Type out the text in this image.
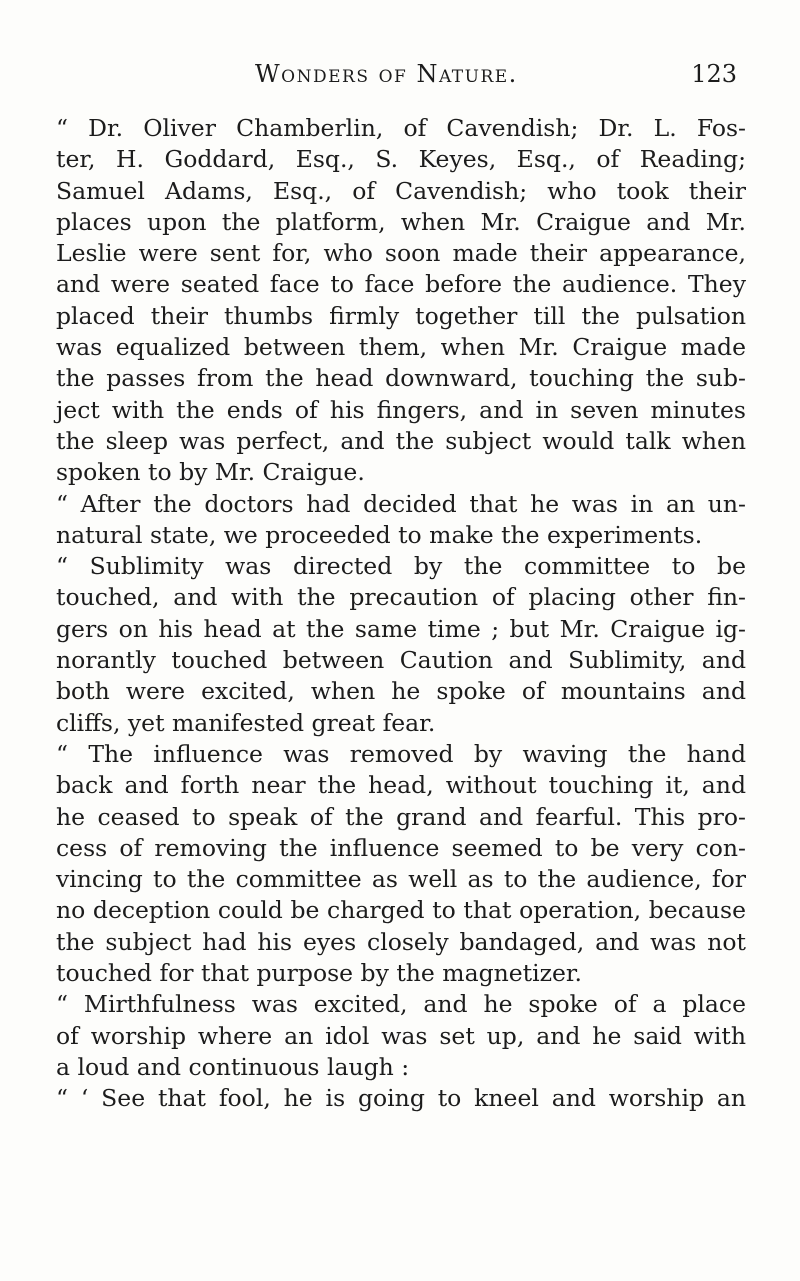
Wonders of Nature.	123
“ Dr. Oliver Chamberlin, of Cavendish; Dr. L. Fos-
ter, H. Goddard, Esq., S. Keyes, Esq., of Reading;
Samuel Adams, Esq., of Cavendish; who took their
places upon the platform, when Mr. Craigue and Mr.
Leslie were sent for, who soon made their appearance,
and were seated face to face before the audience. They
placed their thumbs firmly together till the pulsation
was equalized between them, when Mr. Craigue made
the passes from the head downward, touching the sub-
ject with the ends of his fingers, and in seven minutes
the sleep was perfect, and the subject would talk when
spoken to by Mr. Craigue.
“ After the doctors had decided that he was in an un-
natural state, we proceeded to make the experiments.
“ Sublimity was directed by the committee to be
touched, and with the precaution of placing other fin-
gers on his head at the same time ; but Mr. Craigue ig-
norantly touched between Caution and Sublimity, and
both were excited, when he spoke of mountains and
cliffs, yet manifested great fear.
“ The influence was removed by waving the hand
back and forth near the head, without touching it, and
he ceased to speak of the grand and fearful. This pro-
cess of removing the influence seemed to be very con-
vincing to the committee as well as to the audience, for
no deception could be charged to that operation, because
the subject had his eyes closely bandaged, and was not
touched for that purpose by the magnetizer.
“ Mirthfulness was excited, and he spoke of a place
of worship where an idol was set up, and he said with
a loud and continuous laugh :
“ ‘ See that fool, he is going to kneel and worship an
